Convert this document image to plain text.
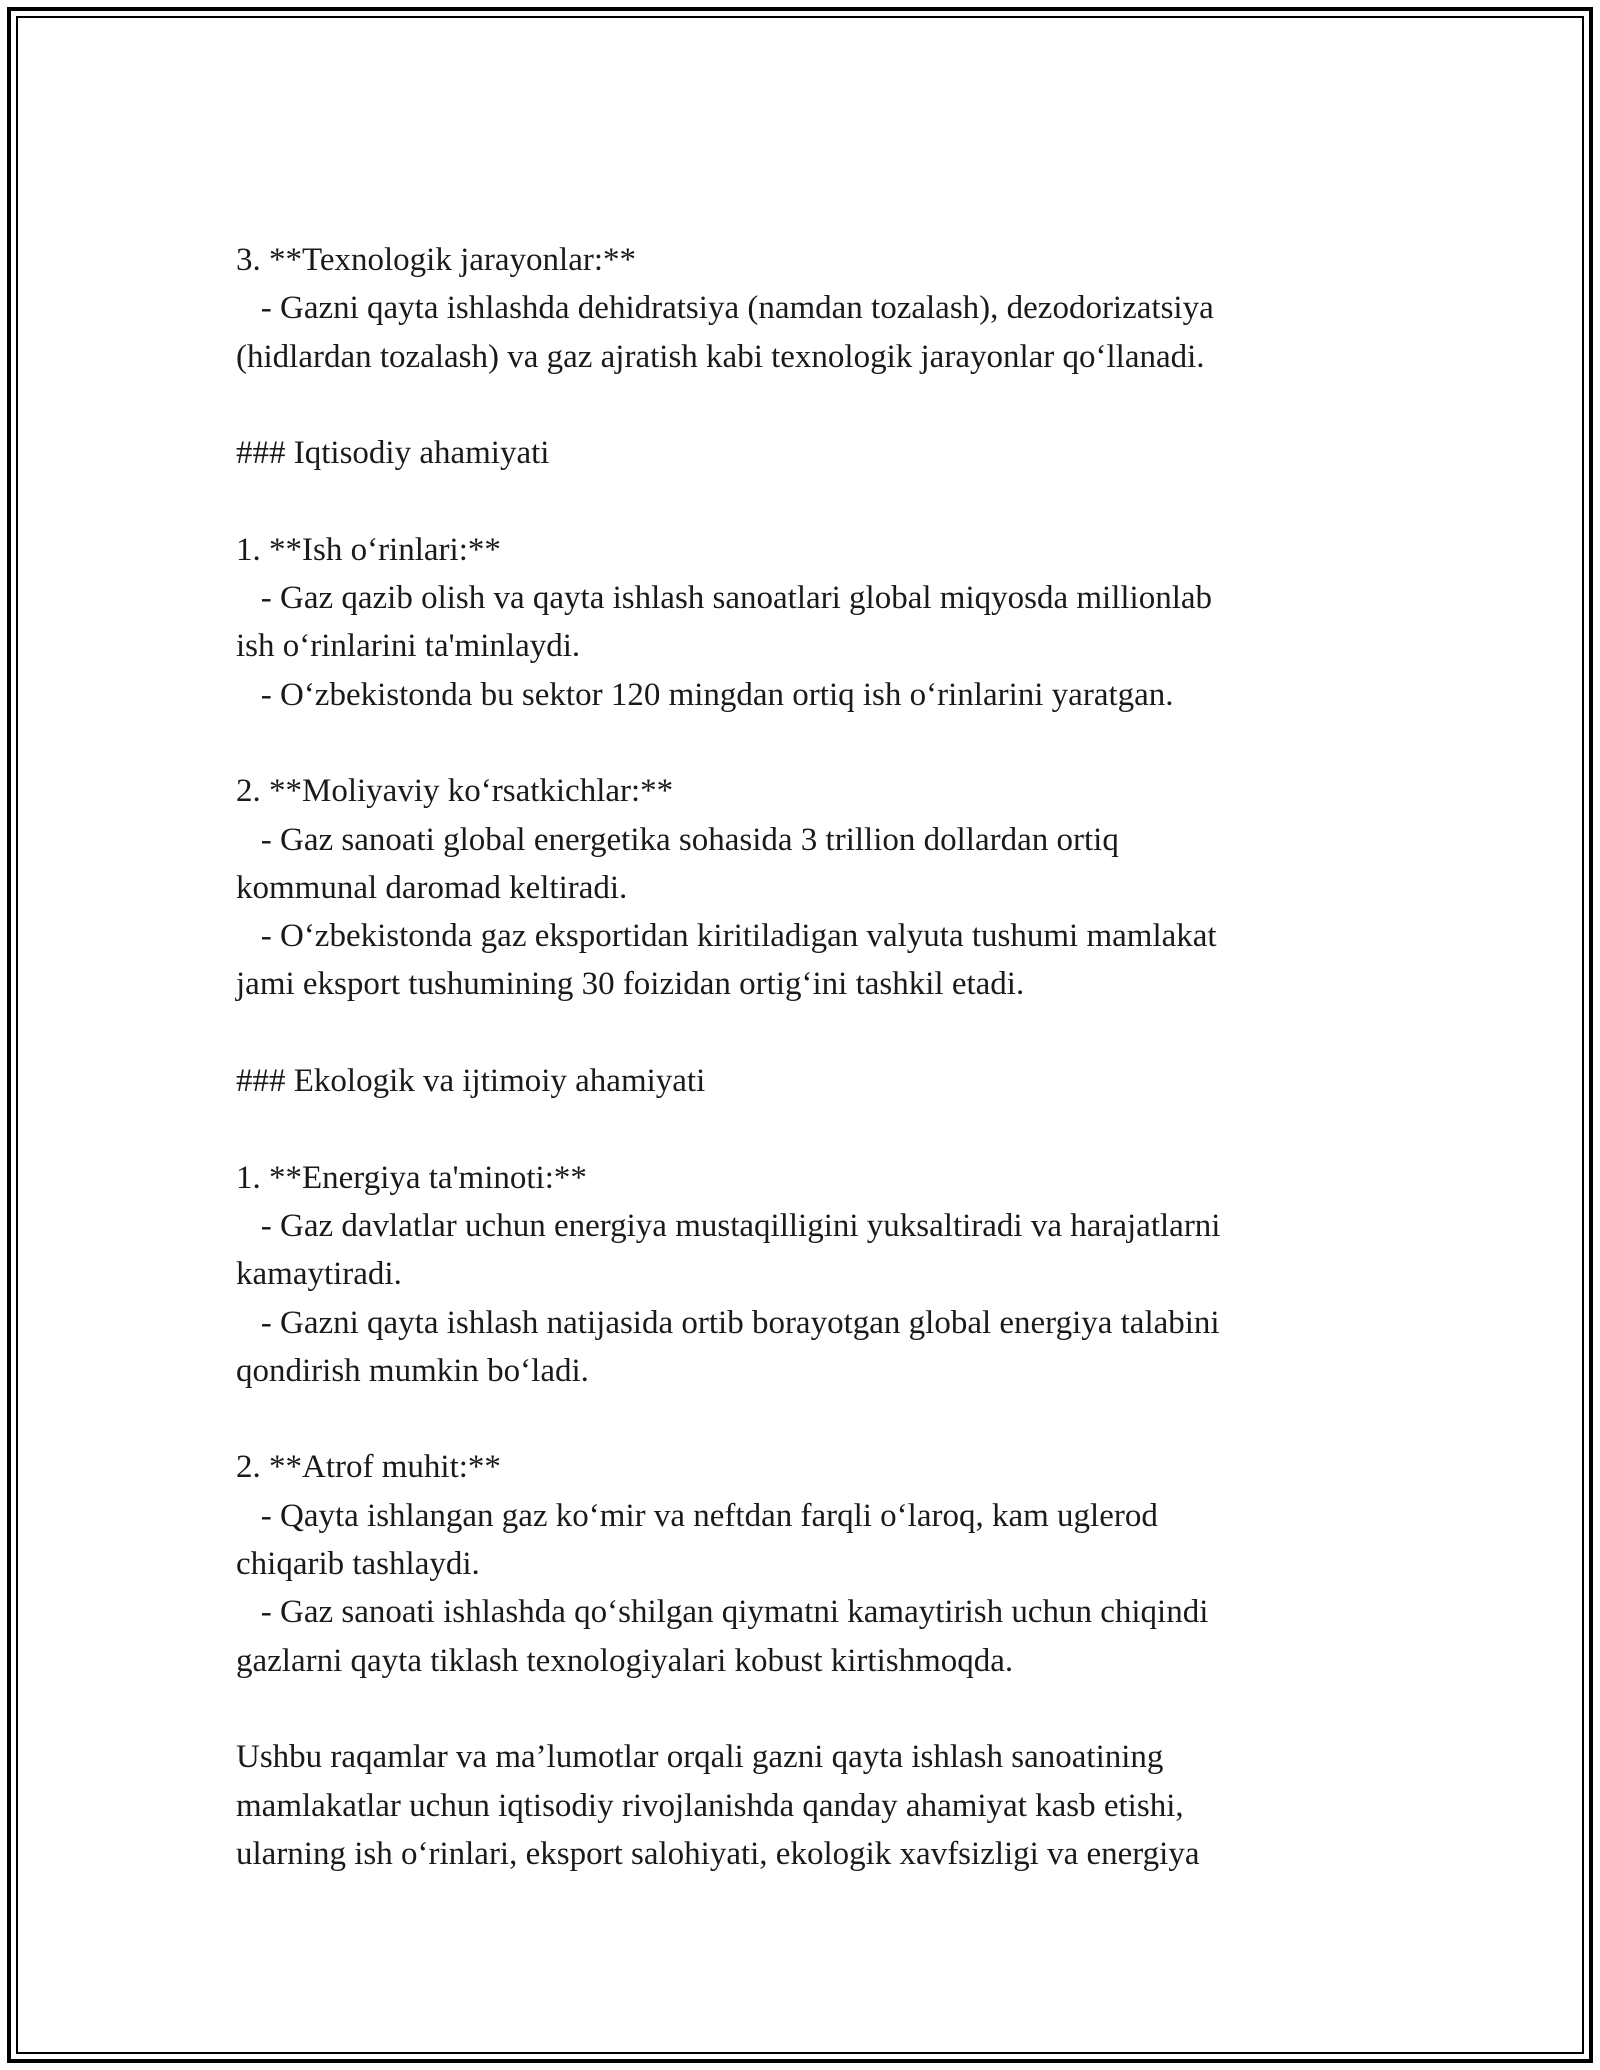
3. **Texnologik jarayonlar:**
- Gazni qayta ishlashda dehidratsiya (namdan tozalash), dezodorizatsiya
(hidlardan tozalash) va gaz ajratish kabi texnologik jarayonlar qo‘llanadi.
### Iqtisodiy ahamiyati
1. **Ish o‘rinlari:**
- Gaz qazib olish va qayta ishlash sanoatlari global miqyosda millionlab
ish o‘rinlarini ta'minlaydi.
- O‘zbekistonda bu sektor 120 mingdan ortiq ish o‘rinlarini yaratgan.
2. **Moliyaviy ko‘rsatkichlar:**
- Gaz sanoati global energetika sohasida 3 trillion dollardan ortiq
kommunal daromad keltiradi.
- O‘zbekistonda gaz eksportidan kiritiladigan valyuta tushumi mamlakat
jami eksport tushumining 30 foizidan ortig‘ini tashkil etadi.
### Ekologik va ijtimoiy ahamiyati
1. **Energiya ta'minoti:**
- Gaz davlatlar uchun energiya mustaqilligini yuksaltiradi va harajatlarni
kamaytiradi.
- Gazni qayta ishlash natijasida ortib borayotgan global energiya talabini
qondirish mumkin bo‘ladi.
2. **Atrof muhit:**
- Qayta ishlangan gaz ko‘mir va neftdan farqli o‘laroq, kam uglerod
chiqarib tashlaydi.
- Gaz sanoati ishlashda qo‘shilgan qiymatni kamaytirish uchun chiqindi
gazlarni qayta tiklash texnologiyalari kobust kirtishmoqda.
Ushbu raqamlar va ma’lumotlar orqali gazni qayta ishlash sanoatining
mamlakatlar uchun iqtisodiy rivojlanishda qanday ahamiyat kasb etishi,
ularning ish o‘rinlari, eksport salohiyati, ekologik xavfsizligi va energiya
